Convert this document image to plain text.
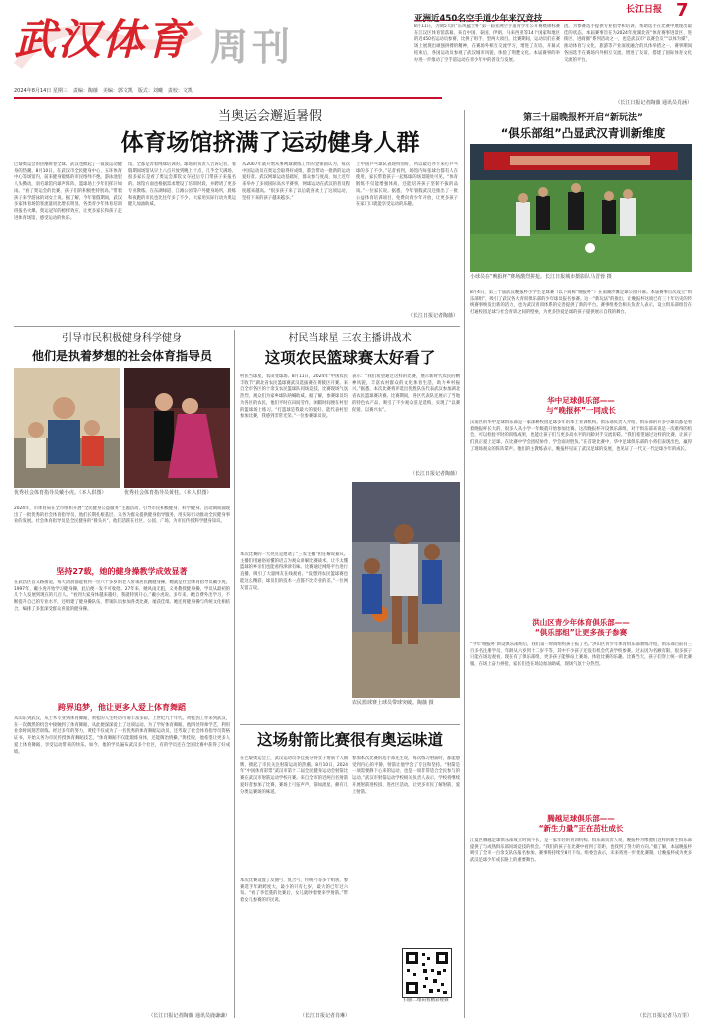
武汉体育 周刊
2024年8月14日 星期三　责编：陶薇　美编：郭文凯　版式：刘曦　责校：文凯
亚洲近450名空手道少年来汉竞技
长江日报 7
8月11日，为期5天的“东风猛士杯”第一届亚洲空手道青少年公开赛暨锦标赛在江汉区体育馆落幕，来自中国、泰国、伊朗、马来西亚等14个国家和地区的近450名运动员参赛，比拼了组手、型两大项目。比赛期间，运动员们在赛场上展现出顽强拼搏的精神，在赛场外相互交流学习，增进了友谊。开幕式结束后，各国运动员参观了武汉城市风貌，体验了荆楚文化。本届赛事的举办进一步推动了空手道运动在青少年中的普及与发展。
团，为参赛选手提供专业指导和培训，帮助选手在比赛中展现出最佳的状态。本届赛事旨在为2024年度湖北省“体育赛事进景区、进街区、进商圈”系列活动之一，也是武汉市“以赛会友”“以体为媒”，推动体育与文化、旅游等产业深度融合的具体举措之一，赛事期间各国选手在赛场内外相互交流，增进了友谊，搭建了国际体育文化交流的平台。
（长江日报记者陶薇 通讯员肖涵）
当奥运会邂逅暑假
体育场馆挤满了运动健身人群
巴黎奥运会的热潮席卷全球，武汉也掀起了一波波运动健身的热潮。8月10日，在武汉市全民健身中心、五环体育中心等场馆内，前来健身锻炼的市民络绎不绝。游泳池里人头攒动，羽毛球馆内球声阵阵，篮球场上少年们挥汗如雨。“看了奥运会的比赛，孩子们的积极性特别高。”带着孩子来学游泳的刘女士说。据了解，今年暑假期间，武汉多家体育场馆客流量同比增长明显，各类青少年体育培训班报名火爆。奥运冠军的榜样效应，让更多家长和孩子走进体育场馆，感受运动的快乐。
馆，全都是奔着网球培训的。球场的负责人告诉记者，暑假期间场馆从早上八点开放到晚上十点，几乎全天满场，很多家长是看了奥运会郑钦文夺冠后专门带孩子来报名的。场馆方面也根据需求增设了培训时段，并聘请了更多专业教练。在东湖绿道、江滩公园等户外健身场所，晨练和夜跑的市民也比往年多了不少，大家用实际行动为奥运健儿加油助威。
从2007年就开始从事网球教练工作的金保国认为，每次中国运动员在奥运会取得好成绩，都会带动一批新的运动爱好者。武汉网球运动基础好，群众参与度高，加上近年来举办了多项国际高水平赛事，网球运动在武汉的普及程度越来越高。“很多孩子来了以后就喜欢上了这项运动，坚持下来的孩子越来越多。”
上中国乒乓球队表现特别好，所以最近办卡来打乒乓球的多了不少。”记者看到，场馆内每张球台都有人在使用，家长带着孩子一起练球的场景随处可见。“体育锻炼不仅能增强体质，还能培养孩子坚韧不拔的品质。”一位家长说。据悉，今年暑假武汉还推出了一批公益体育培训项目，免费向青少年开放，让更多孩子在家门口就能享受运动的乐趣。
（长江日报记者陶薇）
第三十届晚报杯开启“新玩法”
“俱乐部组”凸显武汉青训新维度
小球员在“晚报杯”赛场激烈拼抢。长江日报城市摄影队马晋蓉 摄
8月4日，第三十届武汉晚报杯小学生足球赛（以下简称“晚报杯”）在南湖沙滩足球公园开幕。本届赛事首次设立“俱乐部组”，吸引了武汉各大青训俱乐部的少年球员报名参赛。这一“新玩法”的推出，让晚报杯这项已有三十年历史的传统赛事焕发出新的活力，也为武汉青训体系的完善提供了新的平台。赛事组委会相关负责人表示，设立俱乐部组旨在打通校园足球与社会青训之间的壁垒，为更多热爱足球的孩子提供展示自我的舞台。
华中足球俱乐部——
与“晚报杯”一同成长
汉南区的华中足球俱乐部是一家深耕校园足球多年的本土青训机构。俱乐部负责人介绍，俱乐部的许多小球员都是看着晚报杯长大的，很多人从小学一年级就开始参加比赛。这次晚报杯开设俱乐部组，对于俱乐部来说是一次难得的机会，可以检验平时的训练成果，也能让孩子们与更多高水平的同龄对手交流切磋。“我们希望通过这样的比赛，让孩子们真正爱上足球，在比赛中学会团结协作、学会面对胜负。”在首轮比赛中，华中足球俱乐部的小将们表现出色，赢得了现场观众的阵阵掌声。他们的主教练表示，晚报杯见证了武汉足球的发展，也见证了一代又一代足球少年的成长。
洪山区青少年体育俱乐部——
“俱乐部组”让更多孩子参赛
“今年‘晚报杯’新设俱乐部组后，我们第一时间组织孩子报了名。”洪山区青少年体育俱乐部教练介绍，俱乐部目前有三百多名注册学员，年龄从六岁到十二岁不等，其中不少孩子还没有机会代表学校参赛。过去因为名额有限，很多孩子只能在场边观看，现在有了俱乐部组，更多孩子能够站上赛场，体验比赛的乐趣。比赛当天，孩子们穿上统一的比赛服，在场上奋力拼抢，家长们也在场边加油助威，现场气氛十分热烈。
腾越足球俱乐部——
“新生力量”正在茁壮成长
江夏区腾越足球俱乐部成立时间不长，是一家年轻的青训机构。俱乐部负责人说，晚报杯为像他们这样的新生俱乐部提供了与成熟俱乐部同场竞技的机会。“我们的孩子在比赛中看到了差距，也找到了努力的方向。”据了解，本届晚报杯吸引了全市一百余支队伍报名参加，赛事将持续至8月下旬。组委会表示，未来将进一步优化赛制，让晚报杯成为更多武汉足球少年成长路上的重要舞台。
（长江日报记者马万里）
引导市民积极健身科学健身
他们是执着梦想的社会体育指导员
优秀社会体育指导员戴小虎。（本人供图）	优秀社会体育指导员黄桂。（本人供图）
2024年，市体育局在全市组织开展“全民健身公益服务”主题活动，引导市民积极健身、科学健身。活动期间涌现出了一批优秀的社会体育指导员，他们长期扎根基层，义务为群众提供健身指导服务，用实际行动推动全民健身事业的发展。社会体育指导员是全民健身的“排头兵”，他们活跃在社区、公园、广场，为市民传授科学健身知识。
坚持27载，她的健身操教学成效显著
在武昌区首义路街道，每天清晨都能看到一位六十多岁的老人带领居民跳健身操，她就是社会体育指导员戴小虎。1997年，戴小虎开始学习健身操，此后便一发不可收拾。27年来，她风雨无阻，义务教授健身操，学员从最初的几个人发展到现在的几百人。“看到大家身体越来越好，我就特别开心。”戴小虎说。多年来，她自费外出学习，不断提升自己的专业水平，还组建了健身操队伍，带领队员参加各类比赛，屡获佳绩。她还将健身操与传统文化相结合，编排了多套深受群众喜爱的健身操。
跨界追梦，他让更多人爱上体育舞蹈
从山东到武汉，从土木专业到体育舞蹈，黄桂的人生经历可谓丰富多彩。上世纪九十年代，黄桂因工作来到武汉，在一次偶然的机会中接触到了体育舞蹈，从此便深深爱上了这项运动。为了学好体育舞蹈，他四处拜师学艺，利用业余时间刻苦训练。经过多年的努力，黄桂不仅成为了一名优秀的体育舞蹈运动员，还考取了社会体育指导员资格证书，开始义务为市民传授体育舞蹈技艺。“体育舞蹈不仅能锻炼身体，还能陶冶情操。”黄桂说，他希望让更多人爱上体育舞蹈，享受运动带来的快乐。如今，他的学员遍布武汉多个社区，有的学员还在全国比赛中获得了好成绩。
（长江日报记者陶薇 通讯员鹿谦谦）
村民当球星 三农主播讲战术
这项农民篮球赛太好看了
村民当球星，农田变球场。8月11日，2024年“中国农民丰收节”湖北省农民篮球赛武汉选拔赛在黄陂区开赛。来自全市各区的十余支农民篮球队同场竞技，比赛现场气氛热烈，观众们为家乡球队呐喊助威。据了解，参赛球员均为各区的农民，他们平时在田间劳作，闲暇时间便在村里的篮球场上练习。“打篮球是我最大的爱好，能代表村里参加比赛，我感到非常光荣。”一位参赛球员说。
本次比赛的一大亮点是邀请了“三农主播”担任解说嘉宾。主播们用通俗易懂的语言为观众讲解比赛战术，让不太懂篮球的乡亲们也能看得津津有味。比赛通过网络平台进行直播，吸引了大量网友在线观看。“没想到农民篮球赛也能这么精彩，球员们的技术一点都不比专业的差。”一位网友留言说。
表示：“我们希望通过这样的比赛，展示新时代农民的精神风貌，丰富农村群众的文化体育生活，助力乡村振兴。”据悉，本次比赛将评选出优胜队伍代表武汉参加湖北省农民篮球赛决赛。比赛期间，各区代表队还展示了当地的特色农产品，吸引了不少观众驻足选购，实现了“以赛促销、以赛兴农”。
（长江日报记者陶薇）
农民篮球赛上球员带球突破。陶薇 摄
这场射箭比赛很有奥运味道
在巴黎奥运会上，武汉运动员李佳蔓夺得女子射箭个人铜牌，掀起了市民关注射箭运动的热潮。8月10日，2024年“中国体育彩票”武汉市第十二届全民健身运动会射箭比赛在武汉市射箭运动学校开赛。来自全市的近两百名射箭爱好者参加了比赛，赛场上弓弦声声，箭如流星，颇有几分奥运赛场的味道。
本次比赛设置了反曲弓、复合弓、传统弓等多个组别，参赛选手年龄跨度大，最小的只有七岁，最大的已年过六旬。“看了李佳蔓的比赛后，女儿就吵着要来学射箭。”带着女儿参赛的市民说。
参加本次比赛的选手郑先生说，每次练习射箭时，都能感受到内心的平静，射箭让他学会了专注和坚持。“射箭是一项需要静下心来的运动，也是一项非常适合全民参与的运动。”武汉市射箭运动学校相关负责人表示，学校将继续开展射箭进校园、进社区活动，让更多市民了解射箭、爱上射箭。
扫描二维码看精彩视频
（长江日报记者肖琳）
